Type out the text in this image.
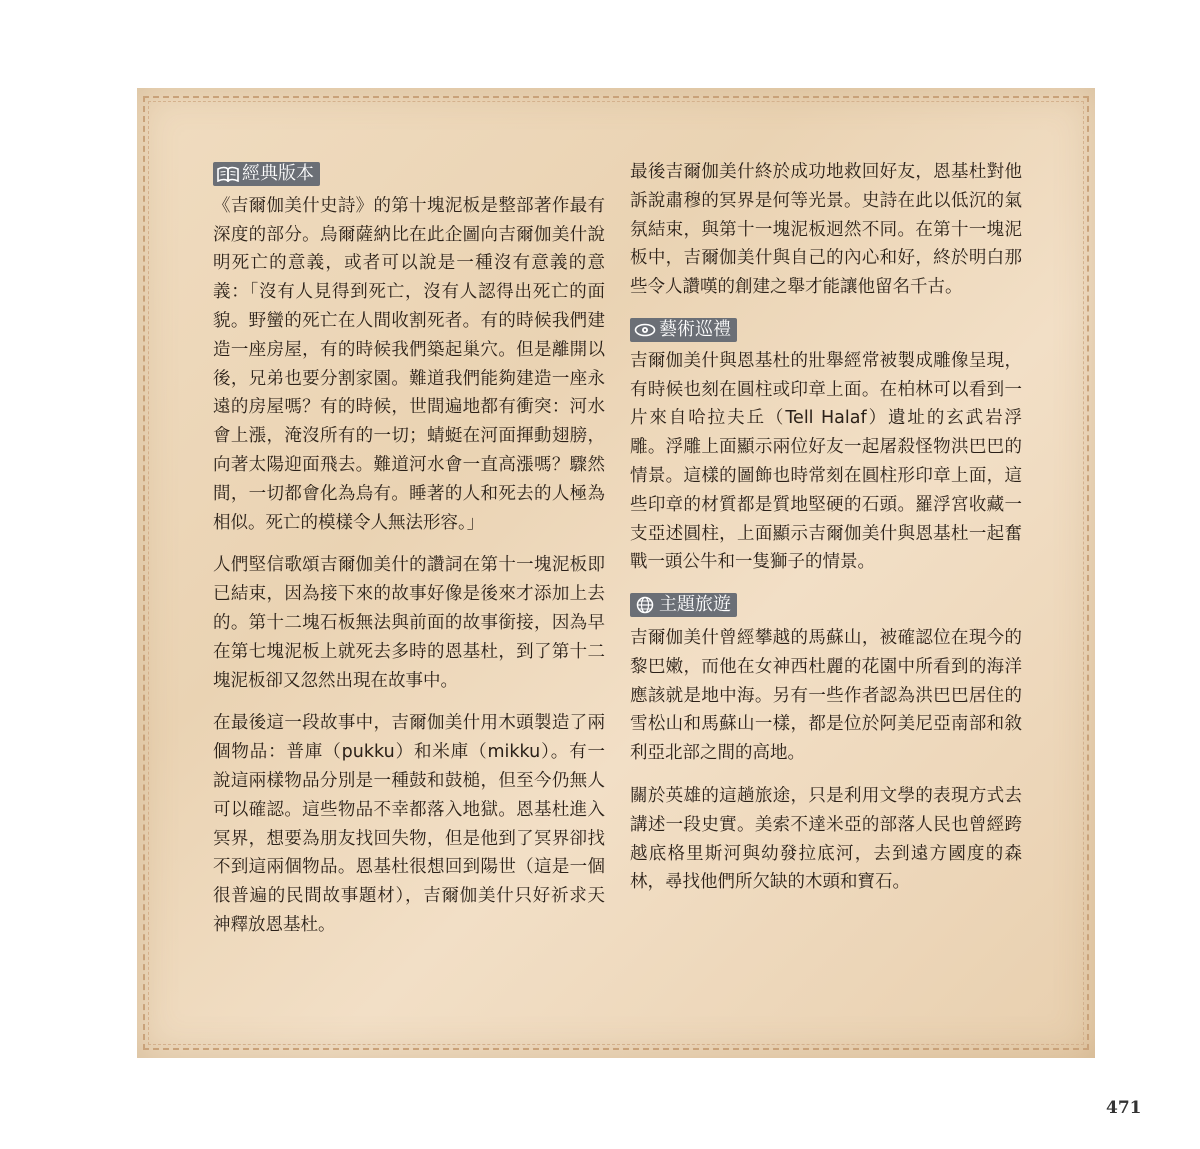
經典版本

《吉爾伽美什史詩》的第十塊泥板是整部著作最有深度的部分。烏爾薩納比在此企圖向吉爾伽美什說明死亡的意義，或者可以說是一種沒有意義的意義：「沒有人見得到死亡，沒有人認得出死亡的面貌。野蠻的死亡在人間收割死者。有的時候我們建造一座房屋，有的時候我們築起巢穴。但是離開以後，兄弟也要分割家園。難道我們能夠建造一座永遠的房屋嗎？有的時候，世間遍地都有衝突：河水會上漲，淹沒所有的一切；蜻蜓在河面揮動翅膀，向著太陽迎面飛去。難道河水會一直高漲嗎？驟然間，一切都會化為烏有。睡著的人和死去的人極為相似。死亡的模樣令人無法形容。」

人們堅信歌頌吉爾伽美什的讚詞在第十一塊泥板即已結束，因為接下來的故事好像是後來才添加上去的。第十二塊石板無法與前面的故事銜接，因為早在第七塊泥板上就死去多時的恩基杜，到了第十二塊泥板卻又忽然出現在故事中。

在最後這一段故事中，吉爾伽美什用木頭製造了兩個物品：普庫（pukku）和米庫（mikku）。有一說這兩樣物品分別是一種鼓和鼓槌，但至今仍無人可以確認。這些物品不幸都落入地獄。恩基杜進入冥界，想要為朋友找回失物，但是他到了冥界卻找不到這兩個物品。恩基杜很想回到陽世（這是一個很普遍的民間故事題材），吉爾伽美什只好祈求天神釋放恩基杜。

最後吉爾伽美什終於成功地救回好友，恩基杜對他訴說肅穆的冥界是何等光景。史詩在此以低沉的氣氛結束，與第十一塊泥板迥然不同。在第十一塊泥板中，吉爾伽美什與自己的內心和好，終於明白那些令人讚嘆的創建之舉才能讓他留名千古。

藝術巡禮

吉爾伽美什與恩基杜的壯舉經常被製成雕像呈現，有時候也刻在圓柱或印章上面。在柏林可以看到一片來自哈拉夫丘（Tell Halaf）遺址的玄武岩浮雕。浮雕上面顯示兩位好友一起屠殺怪物洪巴巴的情景。這樣的圖飾也時常刻在圓柱形印章上面，這些印章的材質都是質地堅硬的石頭。羅浮宮收藏一支亞述圓柱，上面顯示吉爾伽美什與恩基杜一起奮戰一頭公牛和一隻獅子的情景。

主題旅遊

吉爾伽美什曾經攀越的馬蘇山，被確認位在現今的黎巴嫩，而他在女神西杜麗的花園中所看到的海洋應該就是地中海。另有一些作者認為洪巴巴居住的雪松山和馬蘇山一樣，都是位於阿美尼亞南部和敘利亞北部之間的高地。

關於英雄的這趟旅途，只是利用文學的表現方式去講述一段史實。美索不達米亞的部落人民也曾經跨越底格里斯河與幼發拉底河，去到遠方國度的森林，尋找他們所欠缺的木頭和寶石。

471
